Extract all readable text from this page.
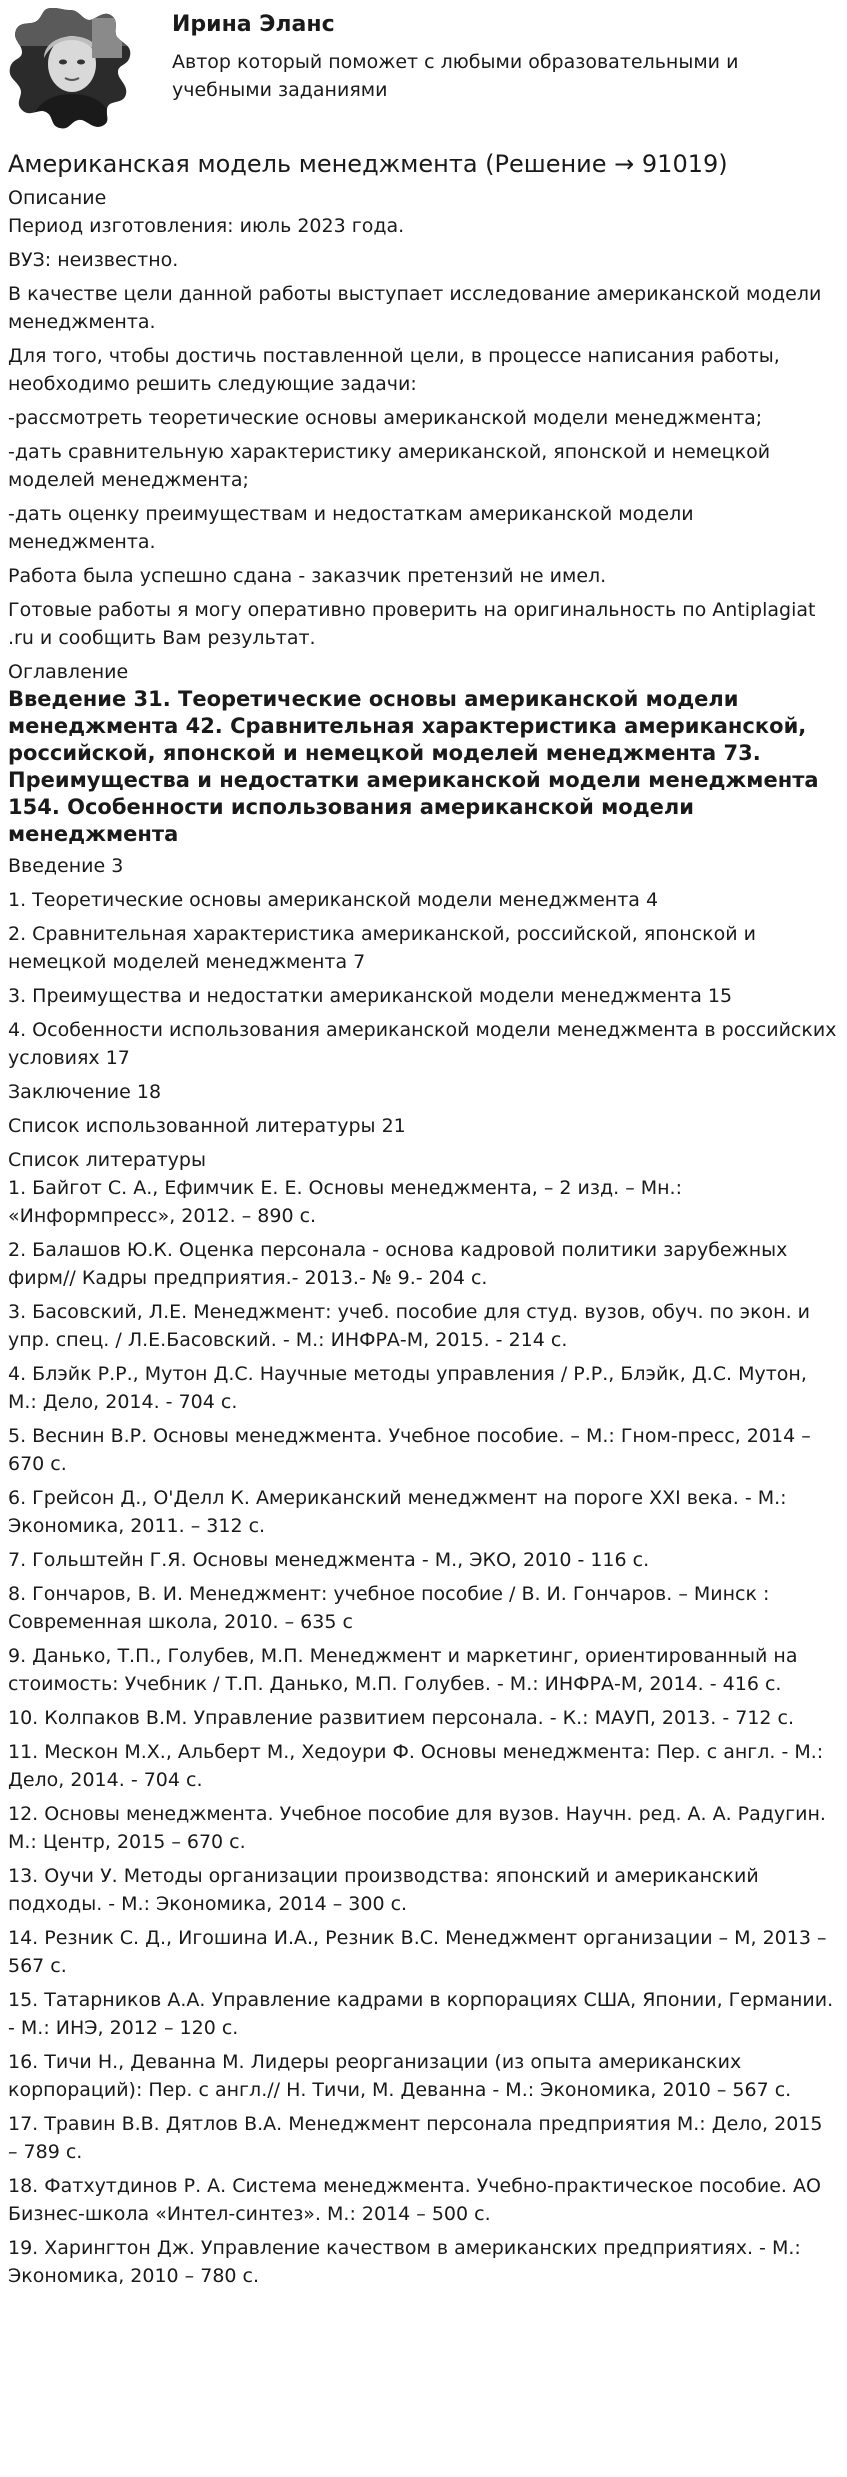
Ирина Эланс
Автор который поможет с любыми образовательными и учебными заданиями
Американская модель менеджмента (Решение → 91019)
Описание

Период изготовления: июль 2023 года.

ВУЗ: неизвестно.

В качестве цели данной работы выступает исследование американской модели менеджмента.

Для того, чтобы достичь поставленной цели, в процессе написания работы, необходимо решить следующие задачи:

-рассмотреть теоретические основы американской модели менеджмента;

-дать сравнительную характеристику американской, японской и немецкой моделей менеджмента;

-дать оценку преимуществам и недостаткам американской модели менеджмента.

Работа была успешно сдана - заказчик претензий не имел.

Готовые работы я могу оперативно проверить на оригинальность по Antiplagiat .ru и сообщить Вам результат.

Оглавление
Введение 31. Теоретические основы американской модели менеджмента 42. Сравнительная характеристика американской, российской, японской и немецкой моделей менеджмента 73. Преимущества и недостатки американской модели менеджмента 154. Особенности использования американской модели менеджмента

Введение 3

1. Теоретические основы американской модели менеджмента 4

2. Сравнительная характеристика американской, российской, японской и немецкой моделей менеджмента 7

3. Преимущества и недостатки американской модели менеджмента 15

4. Особенности использования американской модели менеджмента в российских условиях 17

Заключение 18

Список использованной литературы 21

Список литературы

1. Байгот С. А., Ефимчик Е. Е. Основы менеджмента, – 2 изд. – Мн.: «Информпресс», 2012. – 890 с.

2. Балашов Ю.К. Оценка персонала - основа кадровой политики зарубежных фирм// Кадры предприятия.- 2013.- № 9.- 204 с.

3. Басовский, Л.Е. Менеджмент: учеб. пособие для студ. вузов, обуч. по экон. и упр. спец. / Л.Е.Басовский. - М.: ИНФРА-М, 2015. - 214 с.

4. Блэйк Р.Р., Мутон Д.С. Научные методы управления / Р.Р., Блэйк, Д.С. Мутон, М.: Дело, 2014. - 704 с.

5. Веснин В.Р. Основы менеджмента. Учебное пособие. – М.: Гном-пресс, 2014 – 670 с.

6. Грейсон Д., О'Делл К. Американский менеджмент на пороге XXI века. - М.: Экономика, 2011. – 312 с.

7. Гольштейн Г.Я. Основы менеджмента - М., ЭКО, 2010 - 116 с.

8. Гончаров, В. И. Менеджмент: учебное пособие / В. И. Гончаров. – Минск : Современная школа, 2010. – 635 с

9. Данько, Т.П., Голубев, М.П. Менеджмент и маркетинг, ориентированный на стоимость: Учебник / Т.П. Данько, М.П. Голубев. - М.: ИНФРА-М, 2014. - 416 с.

10. Колпаков В.М. Управление развитием персонала. - К.: МАУП, 2013. - 712 с.

11. Мескон М.Х., Альберт М., Хедоури Ф. Основы менеджмента: Пер. с англ. - М.: Дело, 2014. - 704 с.

12. Основы менеджмента. Учебное пособие для вузов. Научн. ред. А. А. Радугин. М.: Центр, 2015 – 670 с.

13. Оучи У. Методы организации производства: японский и американский подходы. - М.: Экономика, 2014 – 300 с.

14. Резник С. Д., Игошина И.А., Резник В.С. Менеджмент организации – М, 2013 – 567 с.

15. Татарников А.А. Управление кадрами в корпорациях США, Японии, Германии. - М.: ИНЭ, 2012 – 120 с.

16. Тичи Н., Деванна М. Лидеры реорганизации (из опыта американских корпораций): Пер. с англ.// Н. Тичи, М. Деванна - М.: Экономика, 2010 – 567 с.

17. Травин В.В. Дятлов В.А. Менеджмент персонала предприятия М.: Дело, 2015 – 789 с.

18. Фатхутдинов Р. А. Система менеджмента. Учебно-практическое пособие. АО Бизнес-школа «Интел-синтез». М.: 2014 – 500 с.

19. Харингтон Дж. Управление качеством в американских предприятиях. - М.: Экономика, 2010 – 780 с.
